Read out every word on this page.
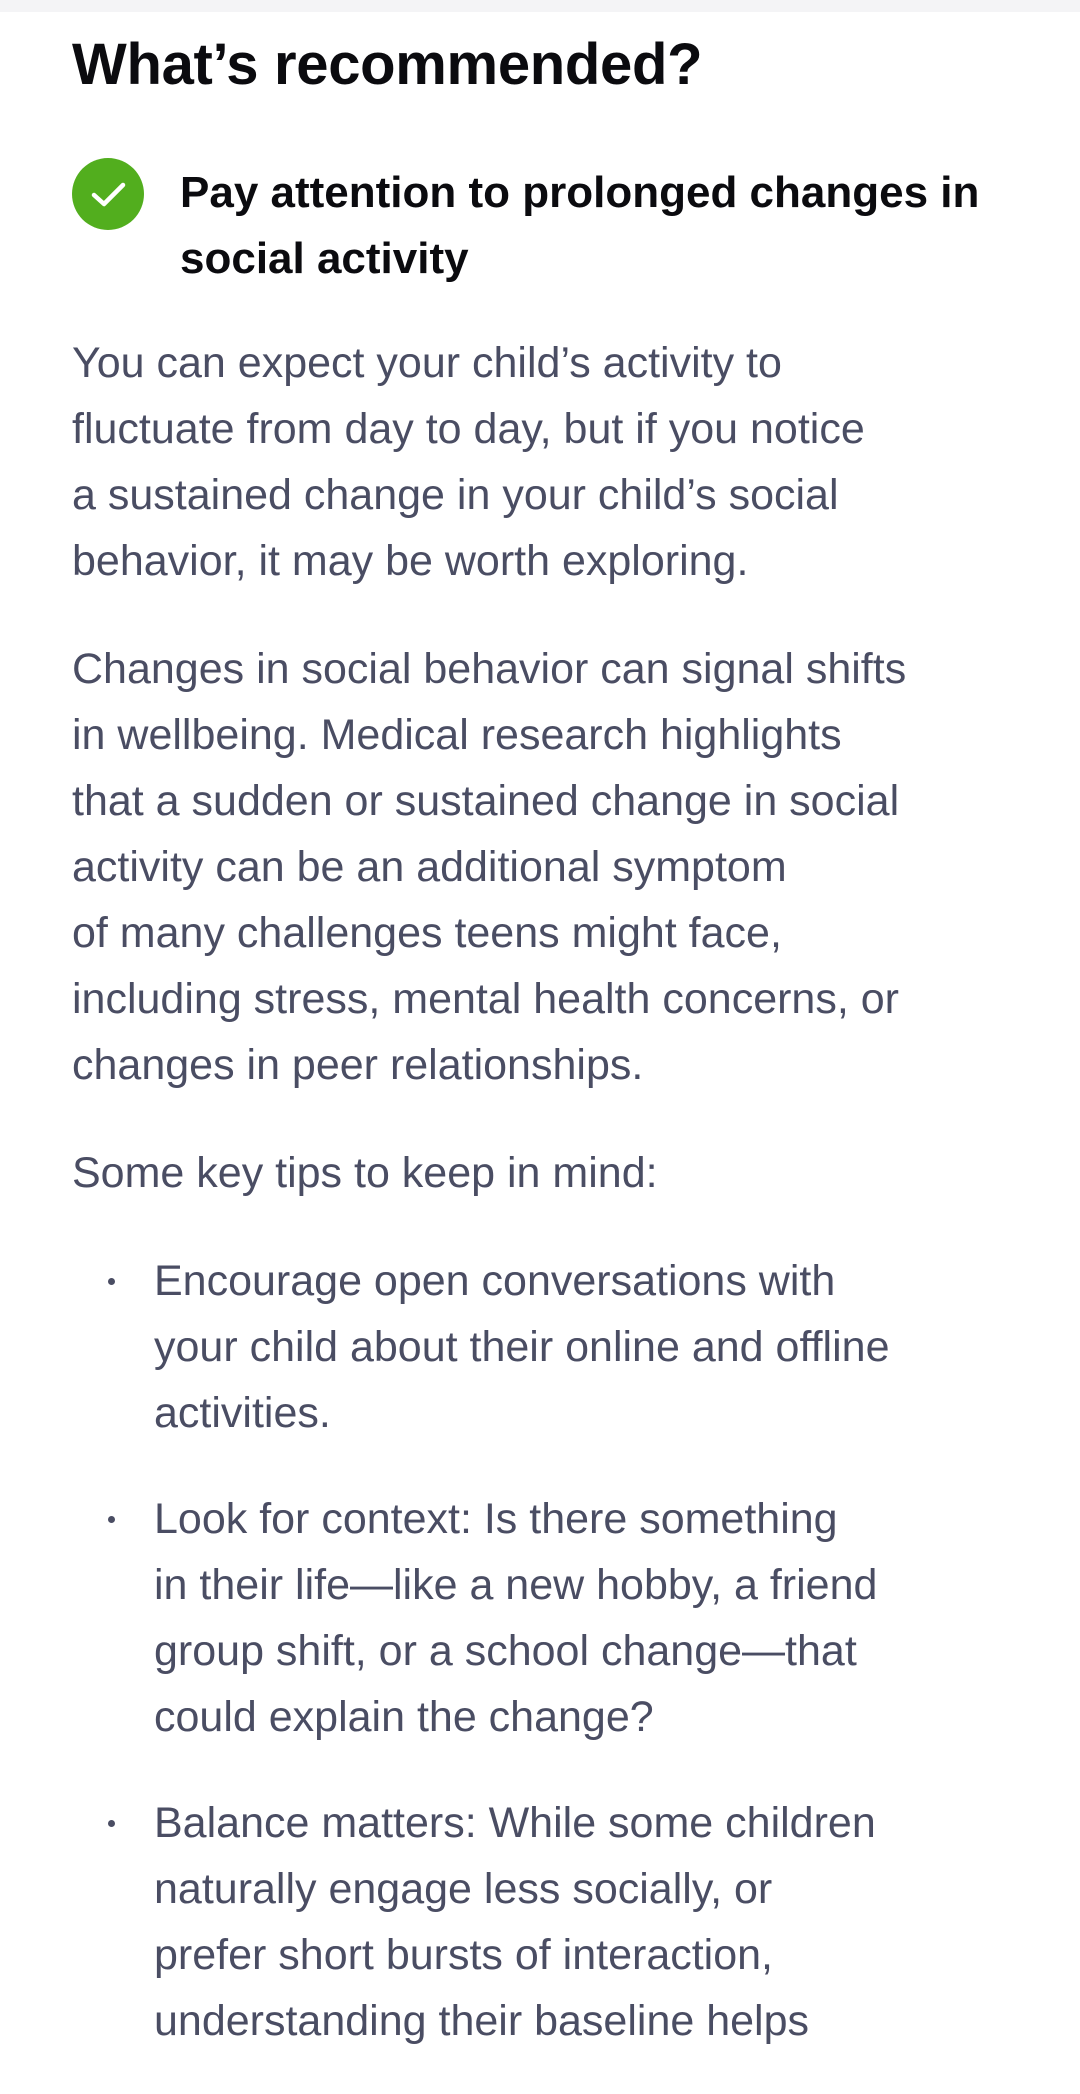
What’s recommended?
Pay attention to prolonged changes in
social activity

You can expect your child’s activity to
fluctuate from day to day, but if you notice
a sustained change in your child’s social
behavior, it may be worth exploring.

Changes in social behavior can signal shifts
in wellbeing. Medical research highlights
that a sudden or sustained change in social
activity can be an additional symptom
of many challenges teens might face,
including stress, mental health concerns, or
changes in peer relationships.

Some key tips to keep in mind:

Encourage open conversations with
your child about their online and offline
activities.
Look for context: Is there something
in their life—like a new hobby, a friend
group shift, or a school change—that
could explain the change?
Balance matters: While some children
naturally engage less socially, or
prefer short bursts of interaction,
understanding their baseline helps
